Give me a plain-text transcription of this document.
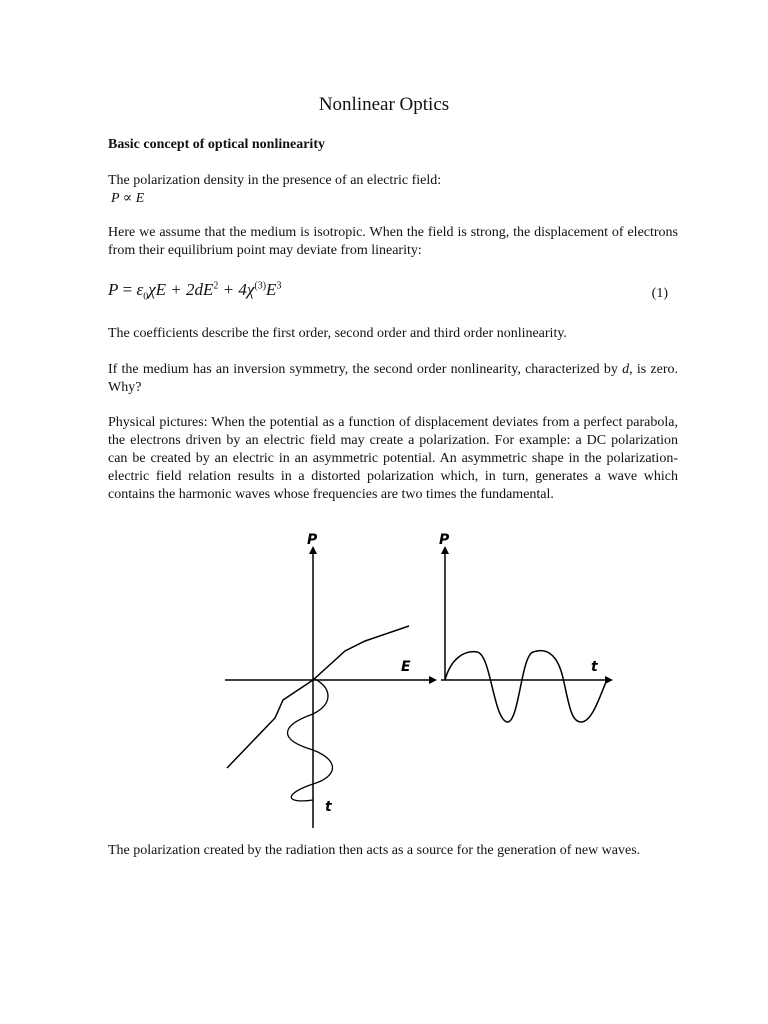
Nonlinear Optics
Basic concept of optical nonlinearity
The polarization density in the presence of an electric field:
P ∝ E
Here we assume that the medium is isotropic. When the field is strong, the displacement of electrons from their equilibrium point may deviate from linearity:
$P = \varepsilon_0\chi E + 2dE^2 + 4\chi^{(3)}E^3$
(1)
The coefficients describe the first order, second order and third order nonlinearity.
If the medium has an inversion symmetry, the second order nonlinearity, characterized by d, is zero. Why?
Physical pictures: When the potential as a function of displacement deviates from a perfect parabola, the electrons driven by an electric field may create a polarization. For example: a DC polarization can be created by an electric in an asymmetric potential. An asymmetric shape in the polarization-electric field relation results in a distorted polarization which, in turn, generates a wave which contains the harmonic waves whose frequencies are two times the fundamental.
P
E
t
P
t
The polarization created by the radiation then acts as a source for the generation of new waves.
